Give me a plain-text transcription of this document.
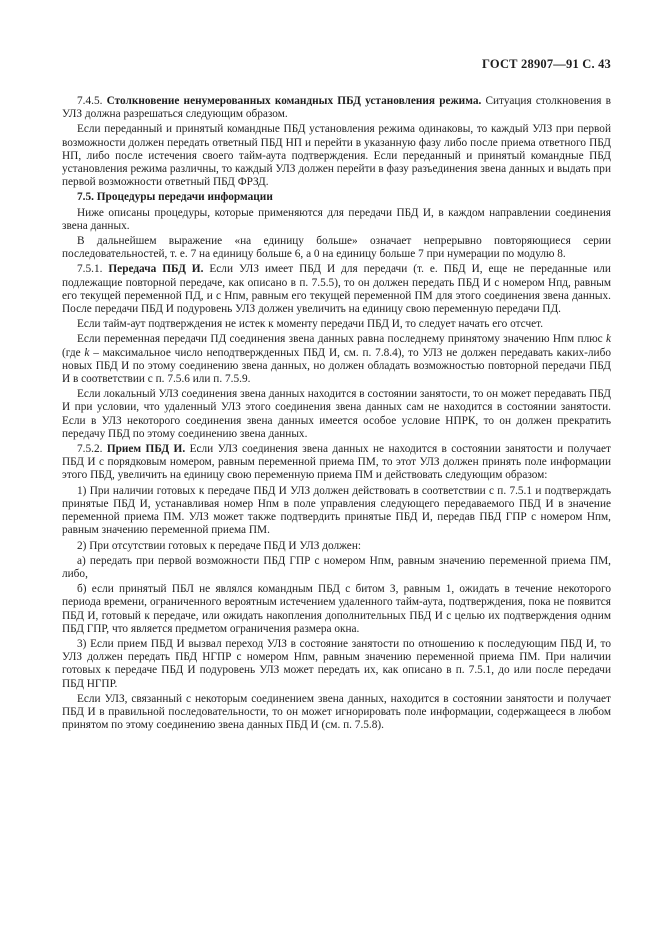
ГОСТ 28907—91 С. 43

7.4.5. Столкновение ненумерованных командных ПБД установления режима. Ситуация столкновения в УЛЗ должна разрешаться следующим образом.

Если переданный и принятый командные ПБД установления режима одинаковы, то каждый УЛЗ при первой возможности должен передать ответный ПБД НП и перейти в указанную фазу либо после приема ответного ПБД НП, либо после истечения своего тайм-аута подтверждения. Если переданный и принятый командные ПБД установления режима различны, то каждый УЛЗ должен перейти в фазу разъединения звена данных и выдать при первой возможности ответный ПБД ФРЗД.

7.5. Процедуры передачи информации

Ниже описаны процедуры, которые применяются для передачи ПБД И, в каждом направлении соединения звена данных.

В дальнейшем выражение «на единицу больше» означает непрерывно повторяющиеся серии последовательностей, т. е. 7 на единицу больше 6, а 0 на единицу больше 7 при нумерации по модулю 8.

7.5.1. Передача ПБД И. Если УЛЗ имеет ПБД И для передачи (т. е. ПБД И, еще не переданные или подлежащие повторной передаче, как описано в п. 7.5.5), то он должен передать ПБД И с номером Нпд, равным его текущей переменной ПД, и с Нпм, равным его текущей переменной ПМ для этого соединения звена данных. После передачи ПБД И подуровень УЛЗ должен увеличить на единицу свою переменную передачи ПД.

Если тайм-аут подтверждения не истек к моменту передачи ПБД И, то следует начать его отсчет.

Если переменная передачи ПД соединения звена данных равна последнему принятому значению Нпм плюс k (где k – максимальное число неподтвержденных ПБД И, см. п. 7.8.4), то УЛЗ не должен передавать каких-либо новых ПБД И по этому соединению звена данных, но должен обладать возможностью повторной передачи ПБД И в соответствии с п. 7.5.6 или п. 7.5.9.

Если локальный УЛЗ соединения звена данных находится в состоянии занятости, то он может передавать ПБД И при условии, что удаленный УЛЗ этого соединения звена данных сам не находится в состоянии занятости. Если в УЛЗ некоторого соединения звена данных имеется особое условие НПРК, то он должен прекратить передачу ПБД по этому соединению звена данных.

7.5.2. Прием ПБД И. Если УЛЗ соединения звена данных не находится в состоянии занятости и получает ПБД И с порядковым номером, равным переменной приема ПМ, то этот УЛЗ должен принять поле информации этого ПБД, увеличить на единицу свою переменную приема ПМ и действовать следующим образом:

1) При наличии готовых к передаче ПБД И УЛЗ должен действовать в соответствии с п. 7.5.1 и подтверждать принятые ПБД И, устанавливая номер Нпм в поле управления следующего передаваемого ПБД И в значение переменной приема ПМ. УЛЗ может также подтвердить принятые ПБД И, передав ПБД ГПР с номером Нпм, равным значению переменной приема ПМ.

2) При отсутствии готовых к передаче ПБД И УЛЗ должен:

а) передать при первой возможности ПБД ГПР с номером Нпм, равным значению переменной приема ПМ, либо,

б) если принятый ПБЛ не являлся командным ПБД с битом З, равным 1, ожидать в течение некоторого периода времени, ограниченного вероятным истечением удаленного тайм-аута, подтверждения, пока не появится ПБД И, готовый к передаче, или ожидать накопления дополнительных ПБД И с целью их подтверждения одним ПБД ГПР, что является предметом ограничения размера окна.

3) Если прием ПБД И вызвал переход УЛЗ в состояние занятости по отношению к последующим ПБД И, то УЛЗ должен передать ПБД НГПР с номером Нпм, равным значению переменной приема ПМ. При наличии готовых к передаче ПБД И подуровень УЛЗ может передать их, как описано в п. 7.5.1, до или после передачи ПБД НГПР.

Если УЛЗ, связанный с некоторым соединением звена данных, находится в состоянии занятости и получает ПБД И в правильной последовательности, то он может игнорировать поле информации, содержащееся в любом принятом по этому соединению звена данных ПБД И (см. п. 7.5.8).
